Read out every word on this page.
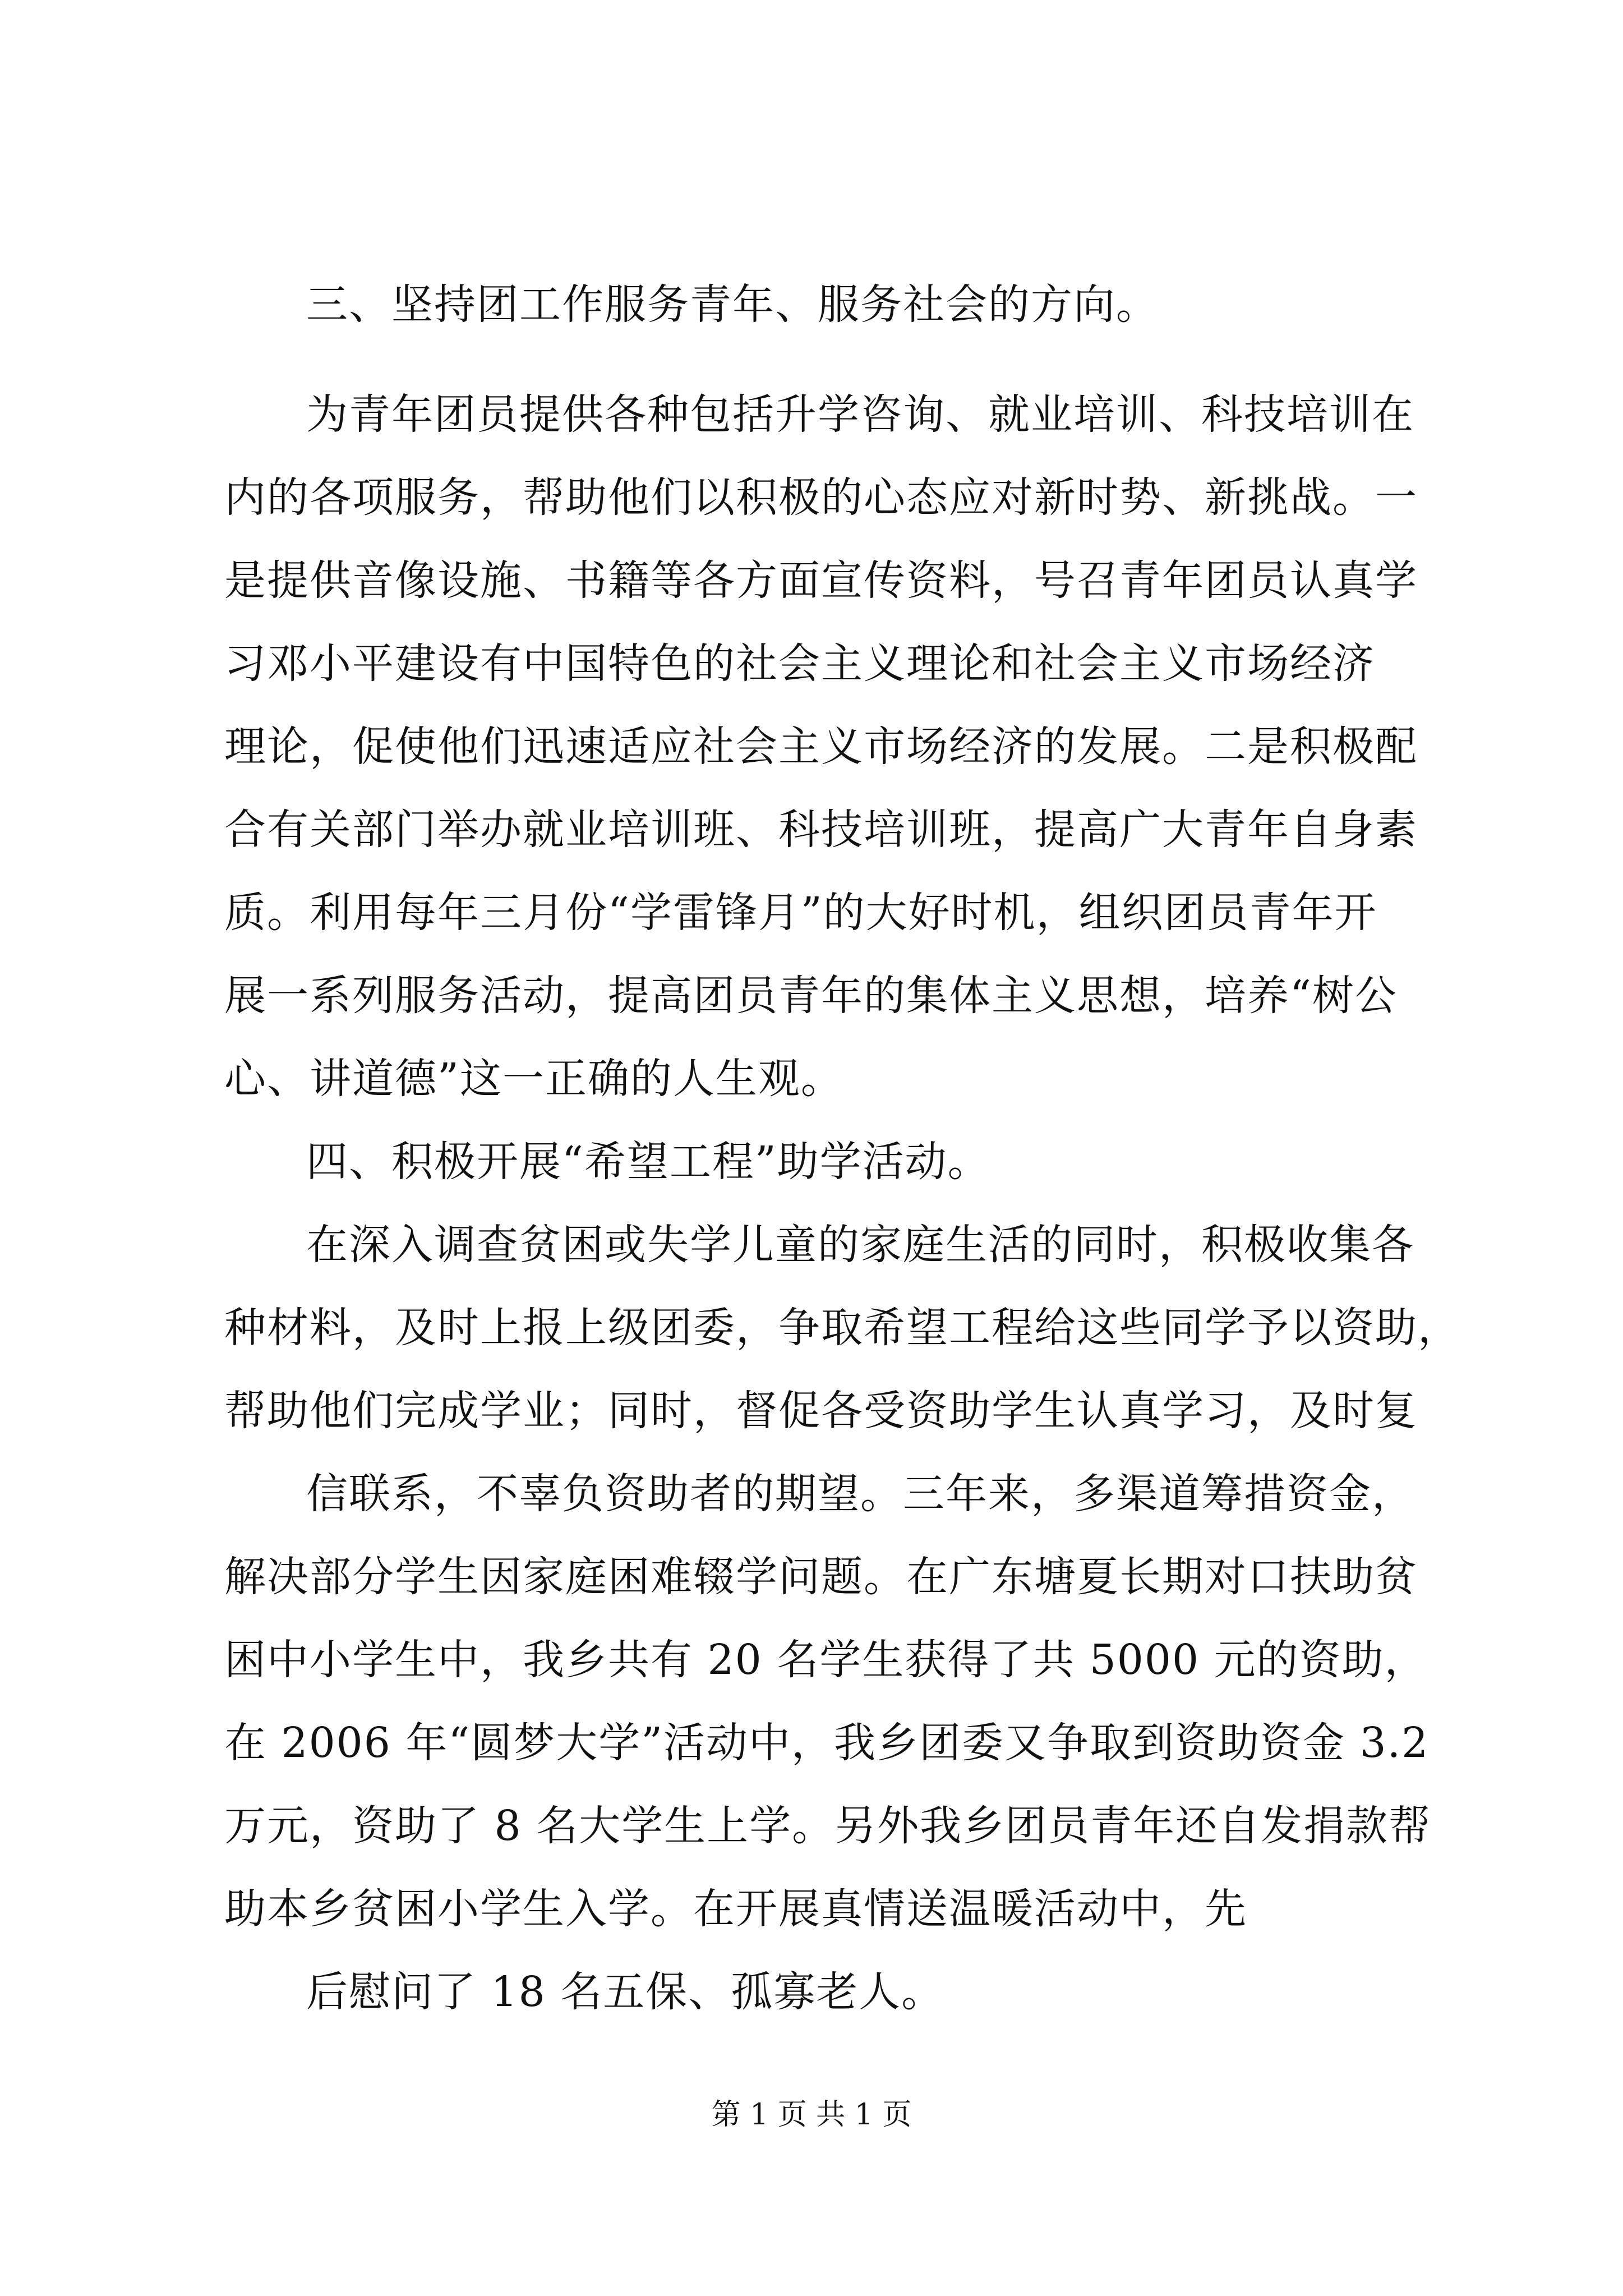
三、坚持团工作服务青年、服务社会的方向。
为青年团员提供各种包括升学咨询、就业培训、科技培训在
内的各项服务，帮助他们以积极的心态应对新时势、新挑战。一
是提供音像设施、书籍等各方面宣传资料，号召青年团员认真学
习邓小平建设有中国特色的社会主义理论和社会主义市场经济
理论，促使他们迅速适应社会主义市场经济的发展。二是积极配
合有关部门举办就业培训班、科技培训班，提高广大青年自身素
质。利用每年三月份“学雷锋月”的大好时机，组织团员青年开
展一系列服务活动，提高团员青年的集体主义思想，培养“树公
心、讲道德”这一正确的人生观。
四、积极开展“希望工程”助学活动。
在深入调查贫困或失学儿童的家庭生活的同时，积极收集各
种材料，及时上报上级团委，争取希望工程给这些同学予以资助，
帮助他们完成学业；同时，督促各受资助学生认真学习，及时复
信联系，不辜负资助者的期望。三年来，多渠道筹措资金，
解决部分学生因家庭困难辍学问题。在广东塘夏长期对口扶助贫
困中小学生中，我乡共有 20 名学生获得了共 5000 元的资助，
在 2006 年“圆梦大学”活动中，我乡团委又争取到资助资金 3.2
万元，资助了 8 名大学生上学。另外我乡团员青年还自发捐款帮
助本乡贫困小学生入学。在开展真情送温暖活动中，先
后慰问了 18 名五保、孤寡老人。
第 1 页 共 1 页
